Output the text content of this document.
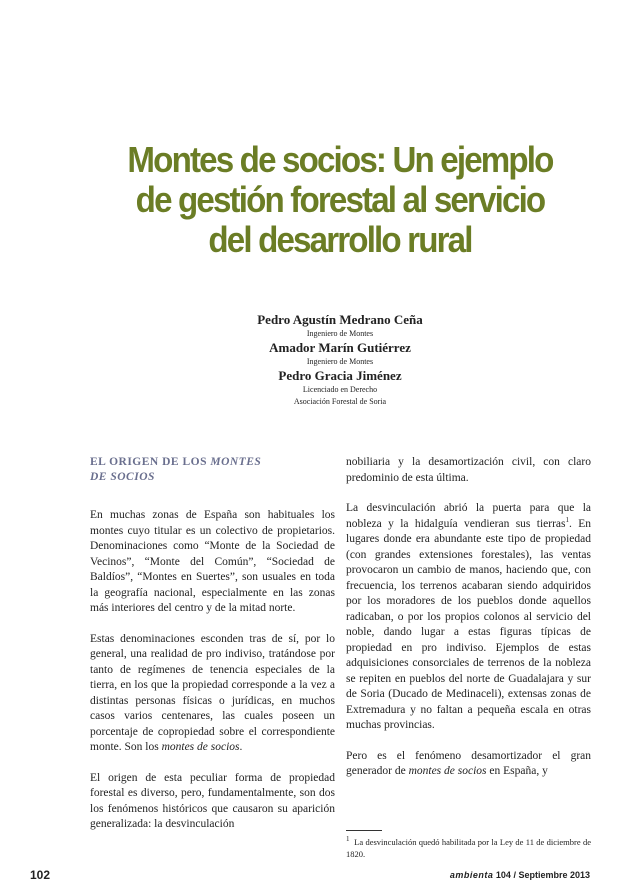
Montes de socios: Un ejemplo
de gestión forestal al servicio
del desarrollo rural

Pedro Agustín Medrano Ceña

Ingeniero de Montes

Amador Marín Gutiérrez

Ingeniero de Montes

Pedro Gracia Jiménez

Licenciado en Derecho

Asociación Forestal de Soria

EL ORIGEN DE LOS MONTES
DE SOCIOS

En muchas zonas de España son habituales los montes cuyo titular es un colectivo de propietarios. Denominaciones como “Monte de la Sociedad de Vecinos”, “Monte del Común”, “Sociedad de Baldíos”, “Montes en Suertes”, son usuales en toda la geografía nacional, especialmente en las zonas más interiores del centro y de la mitad norte.

Estas denominaciones esconden tras de sí, por lo general, una realidad de pro indiviso, tratándose por tanto de regímenes de tenencia especiales de la tierra, en los que la propiedad corresponde a la vez a distintas personas físicas o jurídicas, en muchos casos varios centenares, las cuales poseen un porcentaje de copropiedad sobre el correspondiente monte. Son los montes de socios.

El origen de esta peculiar forma de propiedad forestal es diverso, pero, fundamentalmente, son dos los fenómenos históricos que causaron su aparición generalizada: la desvinculación

nobiliaria y la desamortización civil, con claro predominio de esta última.

La desvinculación abrió la puerta para que la nobleza y la hidalguía vendieran sus tierras$^1$. En lugares donde era abundante este tipo de propiedad (con grandes extensiones forestales), las ventas provocaron un cambio de manos, haciendo que, con frecuencia, los terrenos acabaran siendo adquiridos por los moradores de los pueblos donde aquellos radicaban, o por los propios colonos al servicio del noble, dando lugar a estas figuras típicas de propiedad en pro indiviso. Ejemplos de estas adquisiciones consorciales de terrenos de la nobleza se repiten en pueblos del norte de Guadalajara y sur de Soria (Ducado de Medinaceli), extensas zonas de Extremadura y no faltan a pequeña escala en otras muchas provincias.

Pero es el fenómeno desamortizador el gran generador de montes de socios en España, y

$^1$ La desvinculación quedó habilitada por la Ley de 11 de diciembre de 1820.
102	ambienta 104 / Septiembre 2013
